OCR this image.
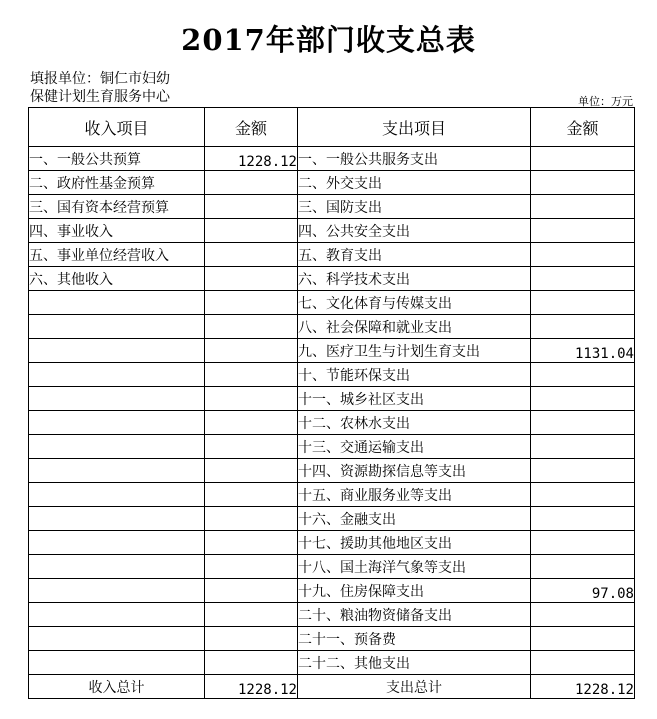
2017年部门收支总表
填报单位：铜仁市妇幼
保健计划生育服务中心	单位：万元
收入项目	金额	支出项目	金额
一、一般公共预算	1228.12	一、一般公共服务支出	
二、政府性基金预算		二、外交支出	
三、国有资本经营预算		三、国防支出	
四、事业收入		四、公共安全支出	
五、事业单位经营收入		五、教育支出	
六、其他收入		六、科学技术支出	
		七、文化体育与传媒支出	
		八、社会保障和就业支出	
		九、医疗卫生与计划生育支出	1131.04
		十、节能环保支出	
		十一、城乡社区支出	
		十二、农林水支出	
		十三、交通运输支出	
		十四、资源勘探信息等支出	
		十五、商业服务业等支出	
		十六、金融支出	
		十七、援助其他地区支出	
		十八、国土海洋气象等支出	
		十九、住房保障支出	97.08
		二十、粮油物资储备支出	
		二十一、预备费	
		二十二、其他支出	
收入总计	1228.12	支出总计	1228.12
